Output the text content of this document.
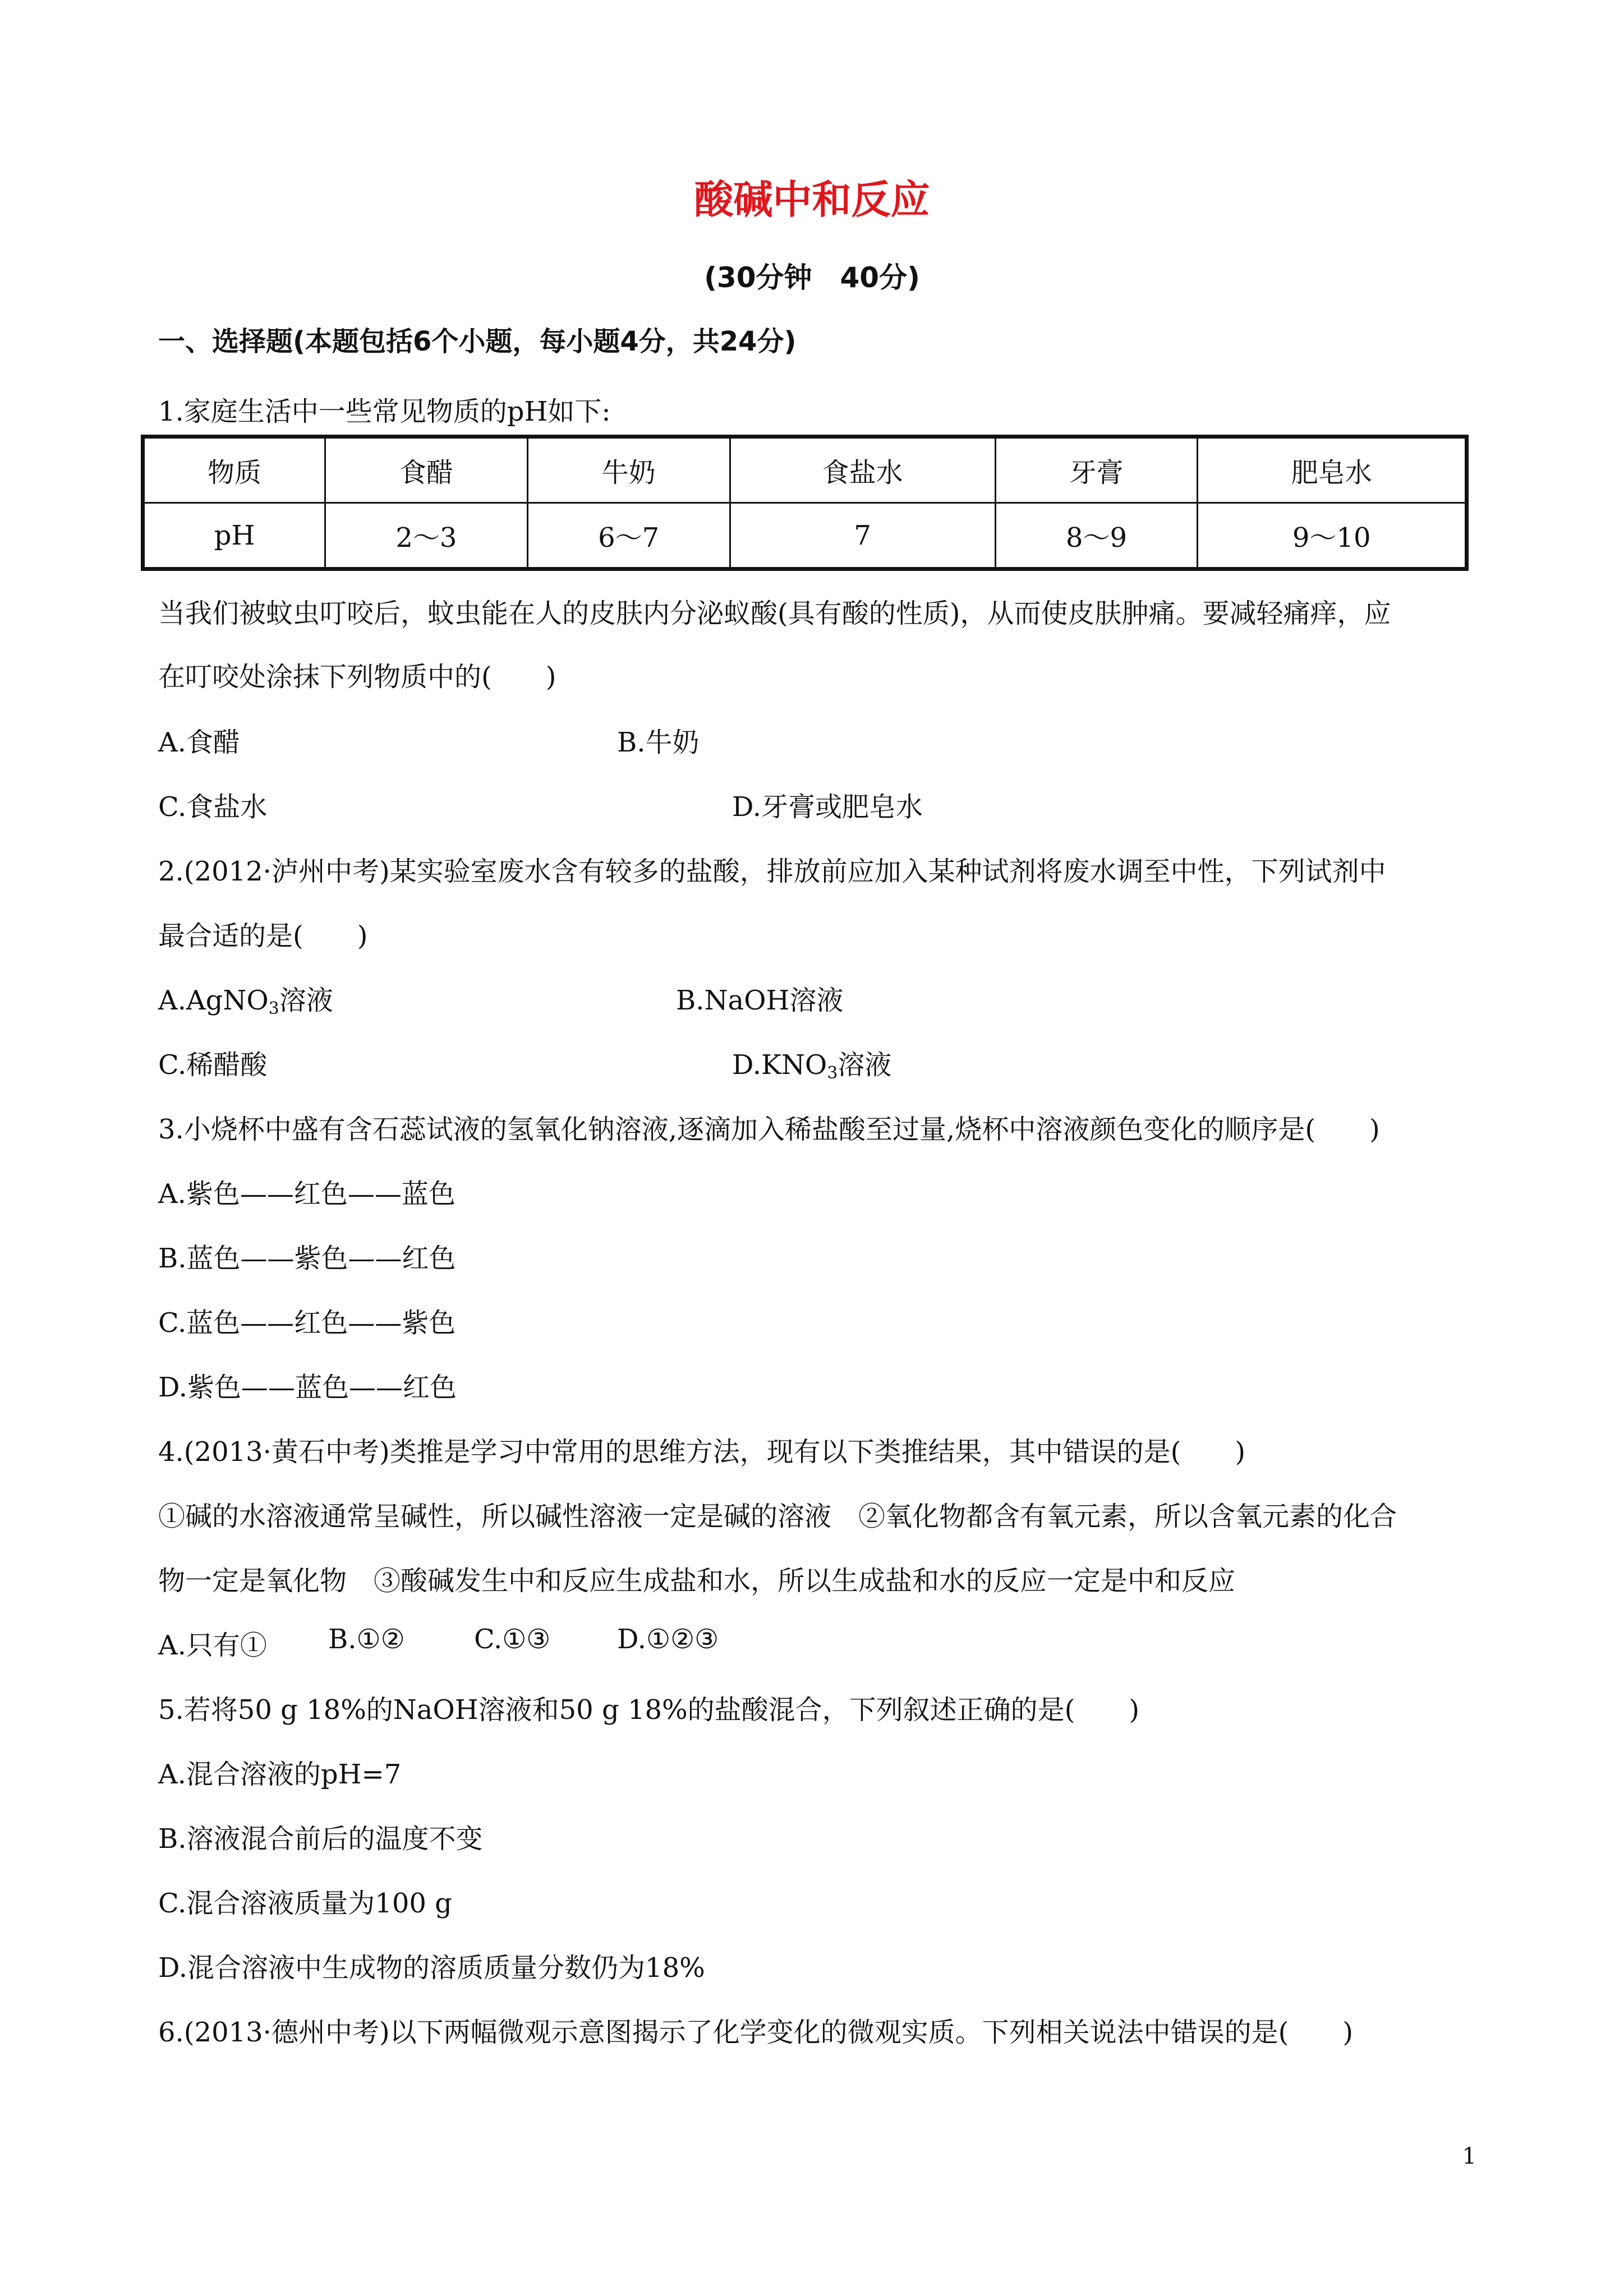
酸碱中和反应
(30分钟　40分)
一、选择题(本题包括6个小题，每小题4分，共24分)
1.家庭生活中一些常见物质的pH如下:
物质	食醋	牛奶	食盐水	牙膏	肥皂水
pH	2～3	6～7	7	8～9	9～10
当我们被蚊虫叮咬后，蚊虫能在人的皮肤内分泌蚁酸(具有酸的性质)，从而使皮肤肿痛。要减轻痛痒，应
在叮咬处涂抹下列物质中的(　　)
A.食醋	B.牛奶
C.食盐水	D.牙膏或肥皂水
2.(2012·泸州中考)某实验室废水含有较多的盐酸，排放前应加入某种试剂将废水调至中性，下列试剂中
最合适的是(　　)
A.AgNO$_3$溶液	B.NaOH溶液
C.稀醋酸	$D.KNO_3$溶液
3.小烧杯中盛有含石蕊试液的氢氧化钠溶液,逐滴加入稀盐酸至过量,烧杯中溶液颜色变化的顺序是(　　)
A.紫色——红色——蓝色
B.蓝色——紫色——红色
C.蓝色——红色——紫色
D.紫色——蓝色——红色
4.(2013·黄石中考)类推是学习中常用的思维方法，现有以下类推结果，其中错误的是(　　)
①碱的水溶液通常呈碱性，所以碱性溶液一定是碱的溶液　②氧化物都含有氧元素，所以含氧元素的化合
物一定是氧化物　③酸碱发生中和反应生成盐和水，所以生成盐和水的反应一定是中和反应
A.只有① B.①②	C.①③ D.①②③
5.若将50 g 18%的NaOH溶液和50 g 18%的盐酸混合，下列叙述正确的是(　　)
A.混合溶液的pH=7
B.溶液混合前后的温度不变
C.混合溶液质量为100 g
D.混合溶液中生成物的溶质质量分数仍为18%
6.(2013·德州中考)以下两幅微观示意图揭示了化学变化的微观实质。下列相关说法中错误的是(　　)
1
